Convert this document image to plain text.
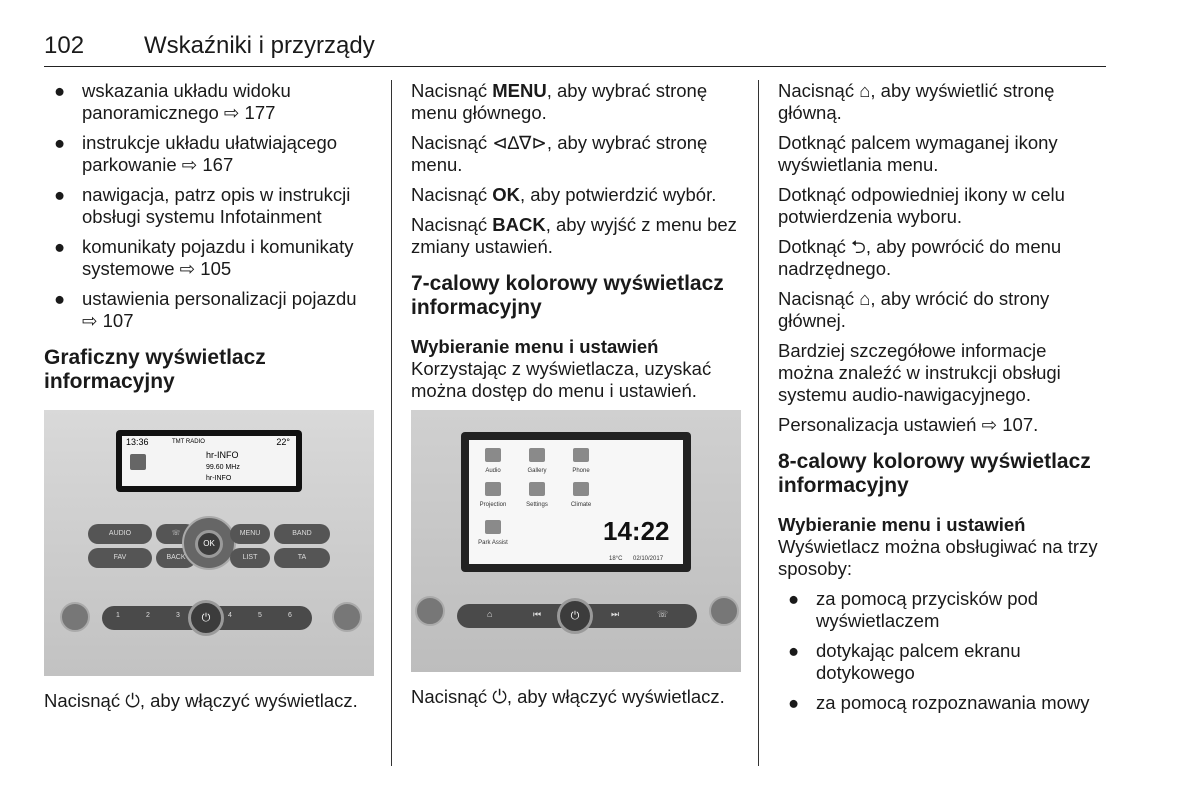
102 Wskaźniki i przyrządy
● wskazania układu widoku panoramicznego ⇨ 177
● instrukcje układu ułatwiającego parkowanie ⇨ 167
● nawigacja, patrz opis w instrukcji obsługi systemu Infotainment
● komunikaty pojazdu i komunikaty systemowe ⇨ 105
● ustawienia personalizacji pojazdu ⇨ 107
Graficzny wyświetlacz informacyjny
13:36	TMT RADIO	22°
hr-INFO
99.60 MHz
hr-INFO
AUDIO
FAV
☏
BACK
OK
MENU
LIST
BAND
TA
1	2	3	4	5	6
⏻

Nacisnąć ⏻, aby włączyć wyświetlacz.

Nacisnąć MENU, aby wybrać stronę menu głównego.

Nacisnąć ⊲∆∇⊳, aby wybrać stronę menu.

Nacisnąć OK, aby potwierdzić wybór.

Nacisnąć BACK, aby wyjść z menu bez zmiany ustawień.

7-calowy kolorowy wyświetlacz informacyjny
Wybieranie menu i ustawień

Korzystając z wyświetlacza, uzyskać można dostęp do menu i ustawień.

Audio	Gallery	Phone
Projection	Settings	Climate
Park Assist	14:22
18°C 02/10/2017
⌂	⏮	⏭	☏
⏻

Nacisnąć ⏻, aby włączyć wyświetlacz.

Nacisnąć ⌂, aby wyświetlić stronę główną.

Dotknąć palcem wymaganej ikony wyświetlania menu.

Dotknąć odpowiedniej ikony w celu potwierdzenia wyboru.

Dotknąć ⮌, aby powrócić do menu nadrzędnego.

Nacisnąć ⌂, aby wrócić do strony głównej.

Bardziej szczegółowe informacje można znaleźć w instrukcji obsługi systemu audio-nawigacyjnego.

Personalizacja ustawień ⇨ 107.

8-calowy kolorowy wyświetlacz informacyjny
Wybieranie menu i ustawień

Wyświetlacz można obsługiwać na trzy sposoby:

● za pomocą przycisków pod wyświetlaczem
● dotykając palcem ekranu dotykowego
● za pomocą rozpoznawania mowy
